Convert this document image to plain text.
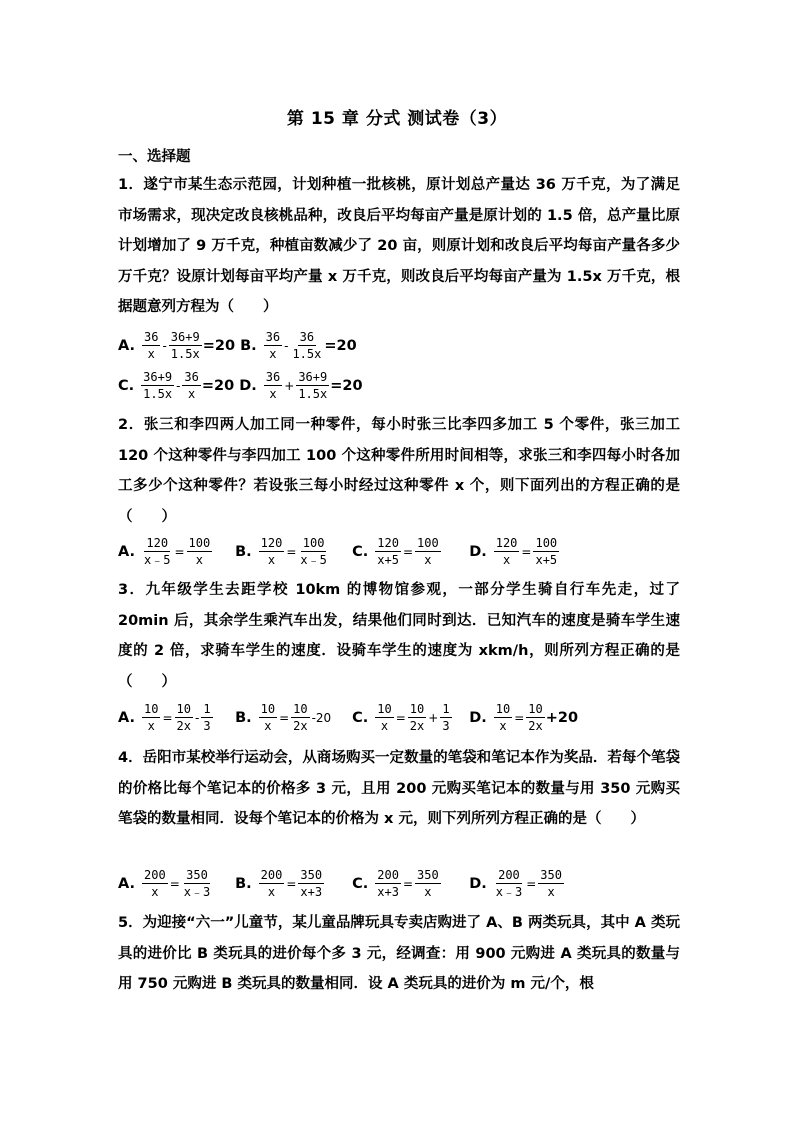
第 15 章 分式 测试卷（3）
一、选择题
1．遂宁市某生态示范园，计划种植一批核桃，原计划总产量达 36 万千克，为了满足市场需求，现决定改良核桃品种，改良后平均每亩产量是原计划的 1.5 倍，总产量比原计划增加了 9 万千克，种植亩数减少了 20 亩，则原计划和改良后平均每亩产量各多少万千克？设原计划每亩平均产量 x 万千克，则改良后平均每亩产量为 1.5x 万千克，根据题意列方程为（　　）
A. $\frac{36}{x} - \frac{36+9}{1.5x} =20$
B. $\frac{36}{x} - \frac{36}{1.5x} =20$
C. $\frac{36+9}{1.5x} - \frac{36}{x} =20$
D. $\frac{36}{x} + \frac{36+9}{1.5x} =20$
2．张三和李四两人加工同一种零件，每小时张三比李四多加工 5 个零件，张三加工 120 个这种零件与李四加工 100 个这种零件所用时间相等，求张三和李四每小时各加工多少个这种零件？若设张三每小时经过这种零件 x 个，则下面列出的方程正确的是（　　）
A. $\frac{120}{x﹣5} = \frac{100}{x}$
B. $\frac{120}{x} = \frac{100}{x﹣5}$
C. $\frac{120}{x+5} = \frac{100}{x}$
D. $\frac{120}{x} = \frac{100}{x+5}$
3．九年级学生去距学校 10km 的博物馆参观，一部分学生骑自行车先走，过了 20min 后，其余学生乘汽车出发，结果他们同时到达．已知汽车的速度是骑车学生速度的 2 倍，求骑车学生的速度．设骑车学生的速度为 xkm/h，则所列方程正确的是（　　）
A. $\frac{10}{x} = \frac{10}{2x} - \frac{1}{3}$
B. $\frac{10}{x} = \frac{10}{2x} -20$
C. $\frac{10}{x} = \frac{10}{2x} + \frac{1}{3}$
D. $\frac{10}{x} = \frac{10}{2x} +20$
4．岳阳市某校举行运动会，从商场购买一定数量的笔袋和笔记本作为奖品．若每个笔袋的价格比每个笔记本的价格多 3 元，且用 200 元购买笔记本的数量与用 350 元购买笔袋的数量相同．设每个笔记本的价格为 x 元，则下列所列方程正确的是（　　）
A. $\frac{200}{x} = \frac{350}{x﹣3}$
B. $\frac{200}{x} = \frac{350}{x+3}$
C. $\frac{200}{x+3} = \frac{350}{x}$
D. $\frac{200}{x﹣3} = \frac{350}{x}$
5．为迎接“六一”儿童节，某儿童品牌玩具专卖店购进了 A、B 两类玩具，其中 A 类玩具的进价比 B 类玩具的进价每个多 3 元，经调查：用 900 元购进 A 类玩具的数量与用 750 元购进 B 类玩具的数量相同．设 A 类玩具的进价为 m 元/个，根
